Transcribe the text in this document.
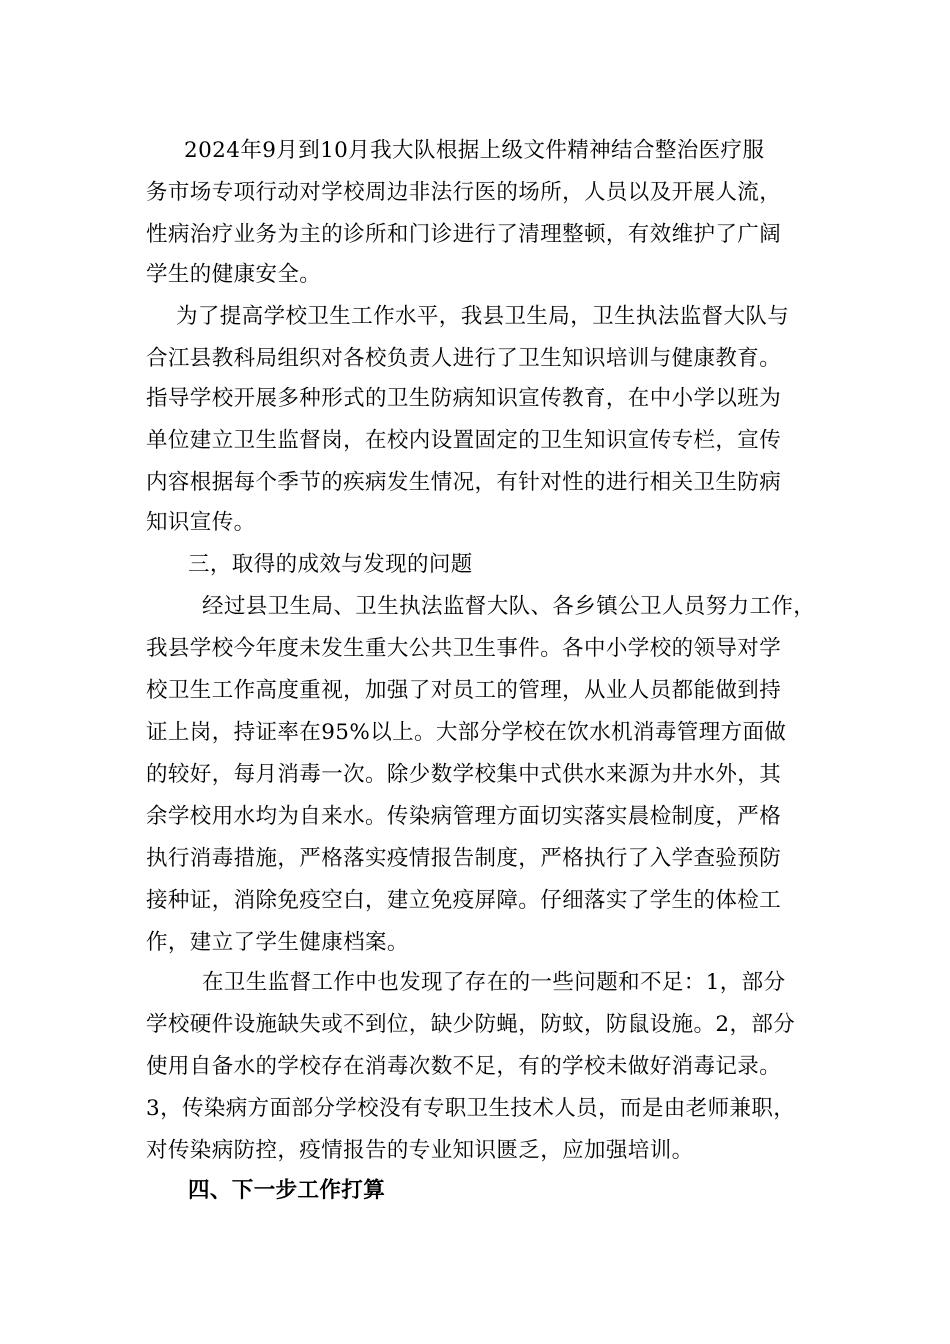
2024年9月到10月我大队根据上级文件精神结合整治医疗服
务市场专项行动对学校周边非法行医的场所，人员以及开展人流，
性病治疗业务为主的诊所和门诊进行了清理整顿，有效维护了广阔
学生的健康安全。
为了提高学校卫生工作水平，我县卫生局，卫生执法监督大队与
合江县教科局组织对各校负责人进行了卫生知识培训与健康教育。
指导学校开展多种形式的卫生防病知识宣传教育，在中小学以班为
单位建立卫生监督岗，在校内设置固定的卫生知识宣传专栏，宣传
内容根据每个季节的疾病发生情况，有针对性的进行相关卫生防病
知识宣传。
三，取得的成效与发现的问题
经过县卫生局、卫生执法监督大队、各乡镇公卫人员努力工作，
我县学校今年度未发生重大公共卫生事件。各中小学校的领导对学
校卫生工作高度重视，加强了对员工的管理，从业人员都能做到持
证上岗，持证率在95%以上。大部分学校在饮水机消毒管理方面做
的较好，每月消毒一次。除少数学校集中式供水来源为井水外，其
余学校用水均为自来水。传染病管理方面切实落实晨检制度，严格
执行消毒措施，严格落实疫情报告制度，严格执行了入学查验预防
接种证，消除免疫空白，建立免疫屏障。仔细落实了学生的体检工
作，建立了学生健康档案。
在卫生监督工作中也发现了存在的一些问题和不足：1，部分
学校硬件设施缺失或不到位，缺少防蝇，防蚊，防鼠设施。2，部分
使用自备水的学校存在消毒次数不足，有的学校未做好消毒记录。
3，传染病方面部分学校没有专职卫生技术人员，而是由老师兼职，
对传染病防控，疫情报告的专业知识匮乏，应加强培训。
四、下一步工作打算
